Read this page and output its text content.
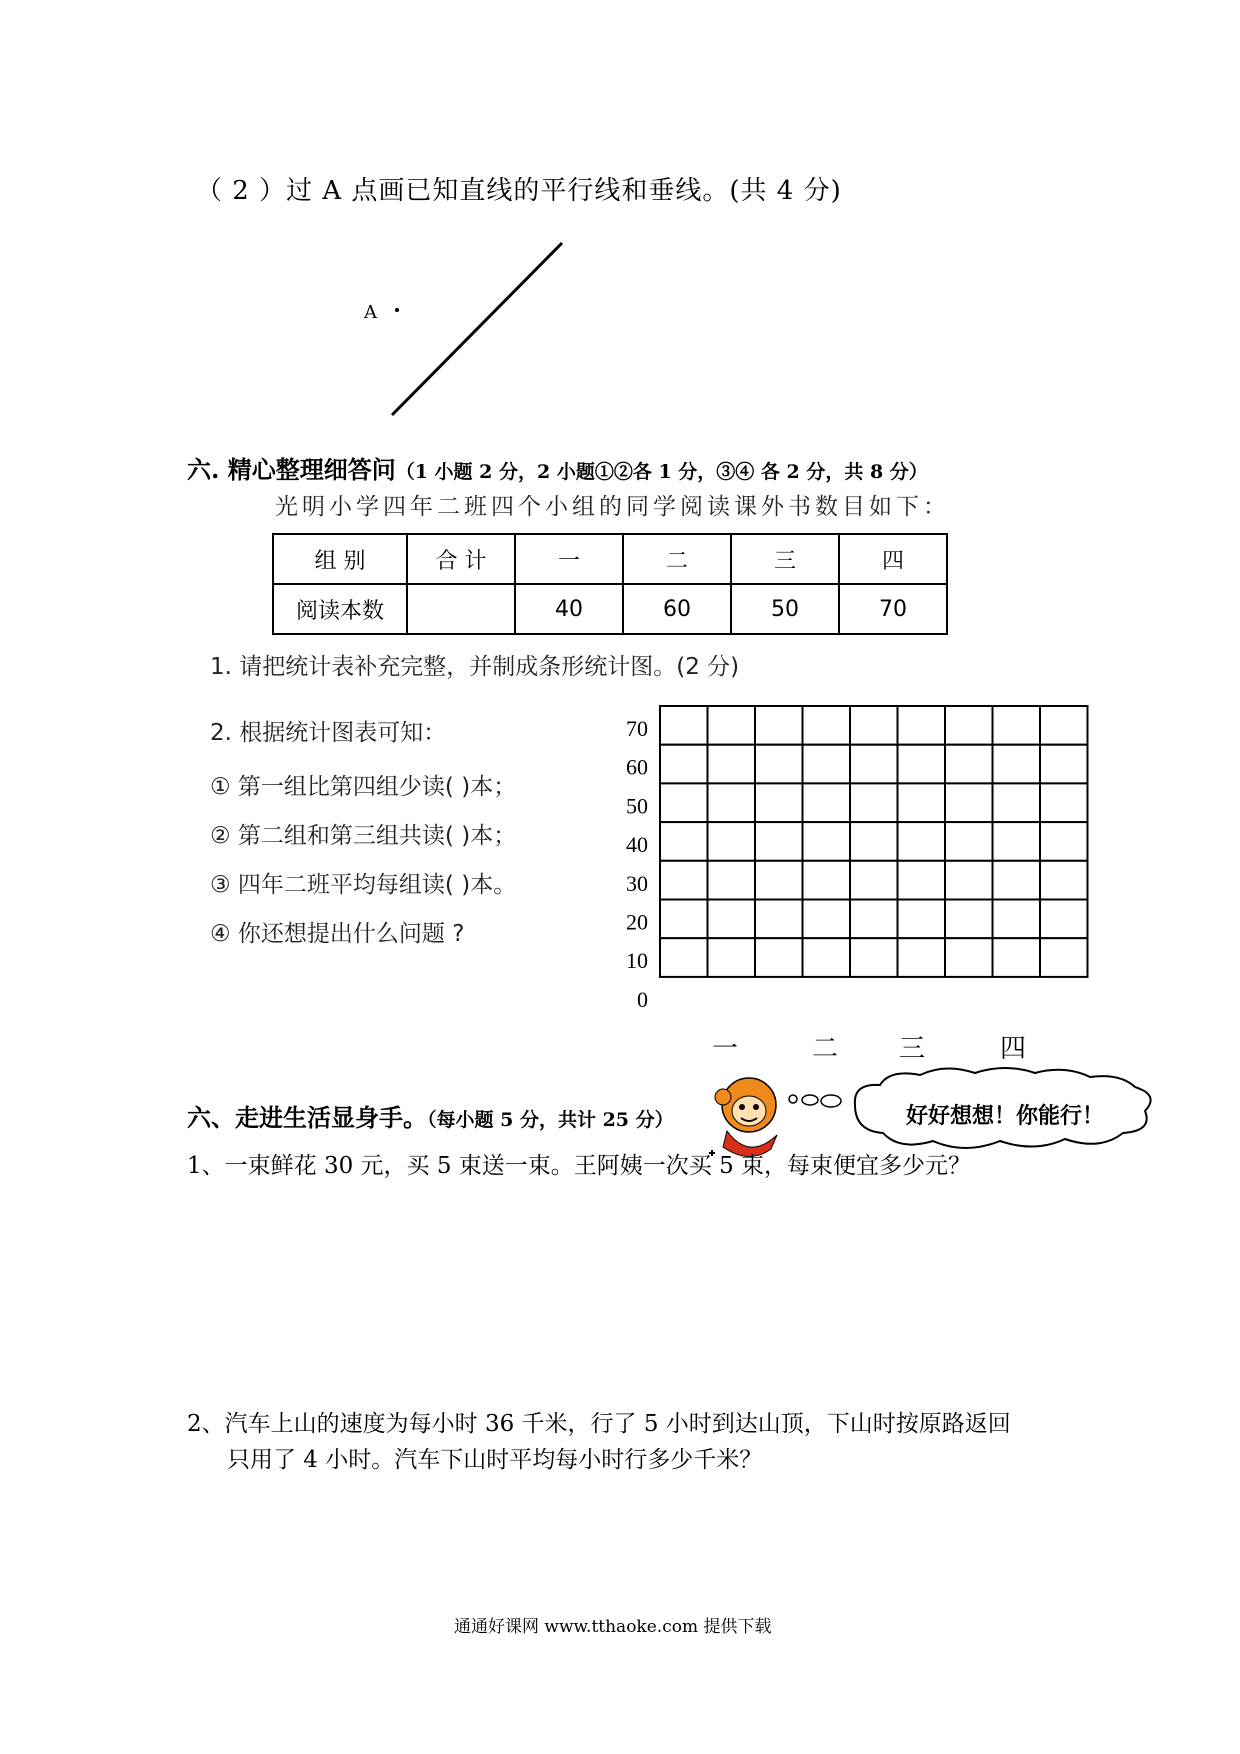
（ 2 ）过 A 点画已知直线的平行线和垂线。(共 4 分)
A
六. 精心整理细答问（1 小题 2 分，2 小题①②各 1 分，③④ 各 2 分，共 8 分）
光明小学四年二班四个小组的同学阅读课外书数目如下：
组 别	合 计	一	二	三	四
阅读本数		40	60	50	70
1. 请把统计表补充完整，并制成条形统计图。(2 分)
2. 根据统计图表可知：
① 第一组比第四组少读( )本；
② 第二组和第三组共读( )本；
③ 四年二班平均每组读( )本。
④ 你还想提出什么问题 ?
70
60
50
40
30
20
10
0
一	二 三	四
六、走进生活显身手。（每小题 5 分，共计 25 分）	好好想想！你能行！
1、一束鲜花 30 元，买 5 束送一束。王阿姨一次买 5 束，每束便宜多少元？
2、汽车上山的速度为每小时 36 千米，行了 5 小时到达山顶，下山时按原路返回
只用了 4 小时。汽车下山时平均每小时行多少千米？
通通好课网 www.tthaoke.com 提供下载
